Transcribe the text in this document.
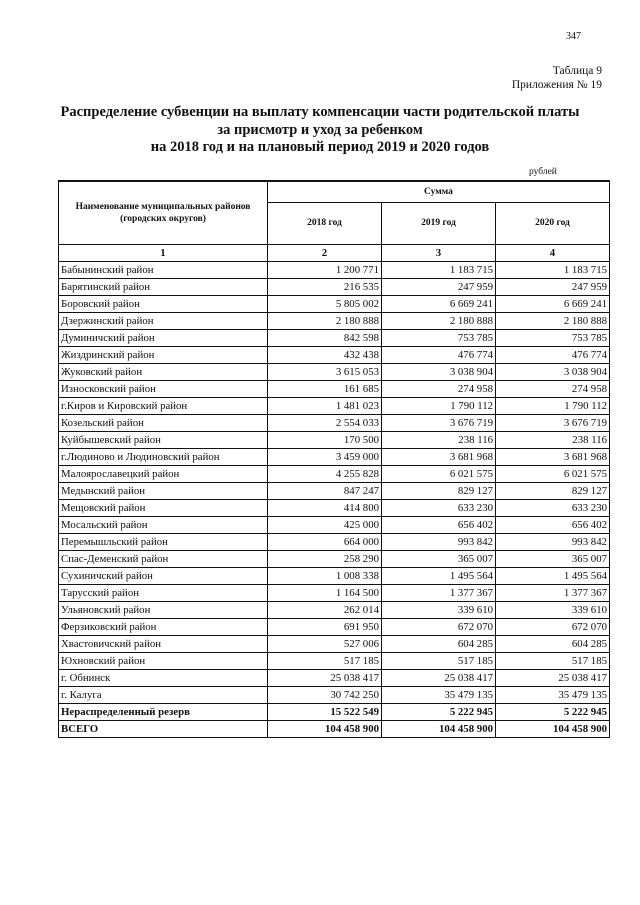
347
Таблица 9
Приложения № 19
Распределение субвенции на выплату компенсации части родительской платы
за присмотр и уход за ребенком
на 2018 год и на плановый период 2019 и 2020 годов
рублей
Наименование муниципальных районов (городских округов)	Сумма		
	2018 год	2019 год	2020 год
1	2	3	4
Бабынинский район	1 200 771	1 183 715	1 183 715
Барятинский район	216 535	247 959	247 959
Боровский район	5 805 002	6 669 241	6 669 241
Дзержинский район	2 180 888	2 180 888	2 180 888
Думиничский район	842 598	753 785	753 785
Жиздринский район	432 438	476 774	476 774
Жуковский район	3 615 053	3 038 904	3 038 904
Износковский район	161 685	274 958	274 958
г.Киров и Кировский район	1 481 023	1 790 112	1 790 112
Козельский район	2 554 033	3 676 719	3 676 719
Куйбышевский район	170 500	238 116	238 116
г.Людиново и Людиновский район	3 459 000	3 681 968	3 681 968
Малоярославецкий район	4 255 828	6 021 575	6 021 575
Медынский район	847 247	829 127	829 127
Мещовский район	414 800	633 230	633 230
Мосальский район	425 000	656 402	656 402
Перемышльский район	664 000	993 842	993 842
Спас-Деменский район	258 290	365 007	365 007
Сухиничский район	1 008 338	1 495 564	1 495 564
Тарусский район	1 164 500	1 377 367	1 377 367
Ульяновский район	262 014	339 610	339 610
Ферзиковский район	691 950	672 070	672 070
Хвастовичский район	527 006	604 285	604 285
Юхновский район	517 185	517 185	517 185
г. Обнинск	25 038 417	25 038 417	25 038 417
г. Калуга	30 742 250	35 479 135	35 479 135
Нераспределенный резерв	15 522 549	5 222 945	5 222 945
ВСЕГО	104 458 900	104 458 900	104 458 900
